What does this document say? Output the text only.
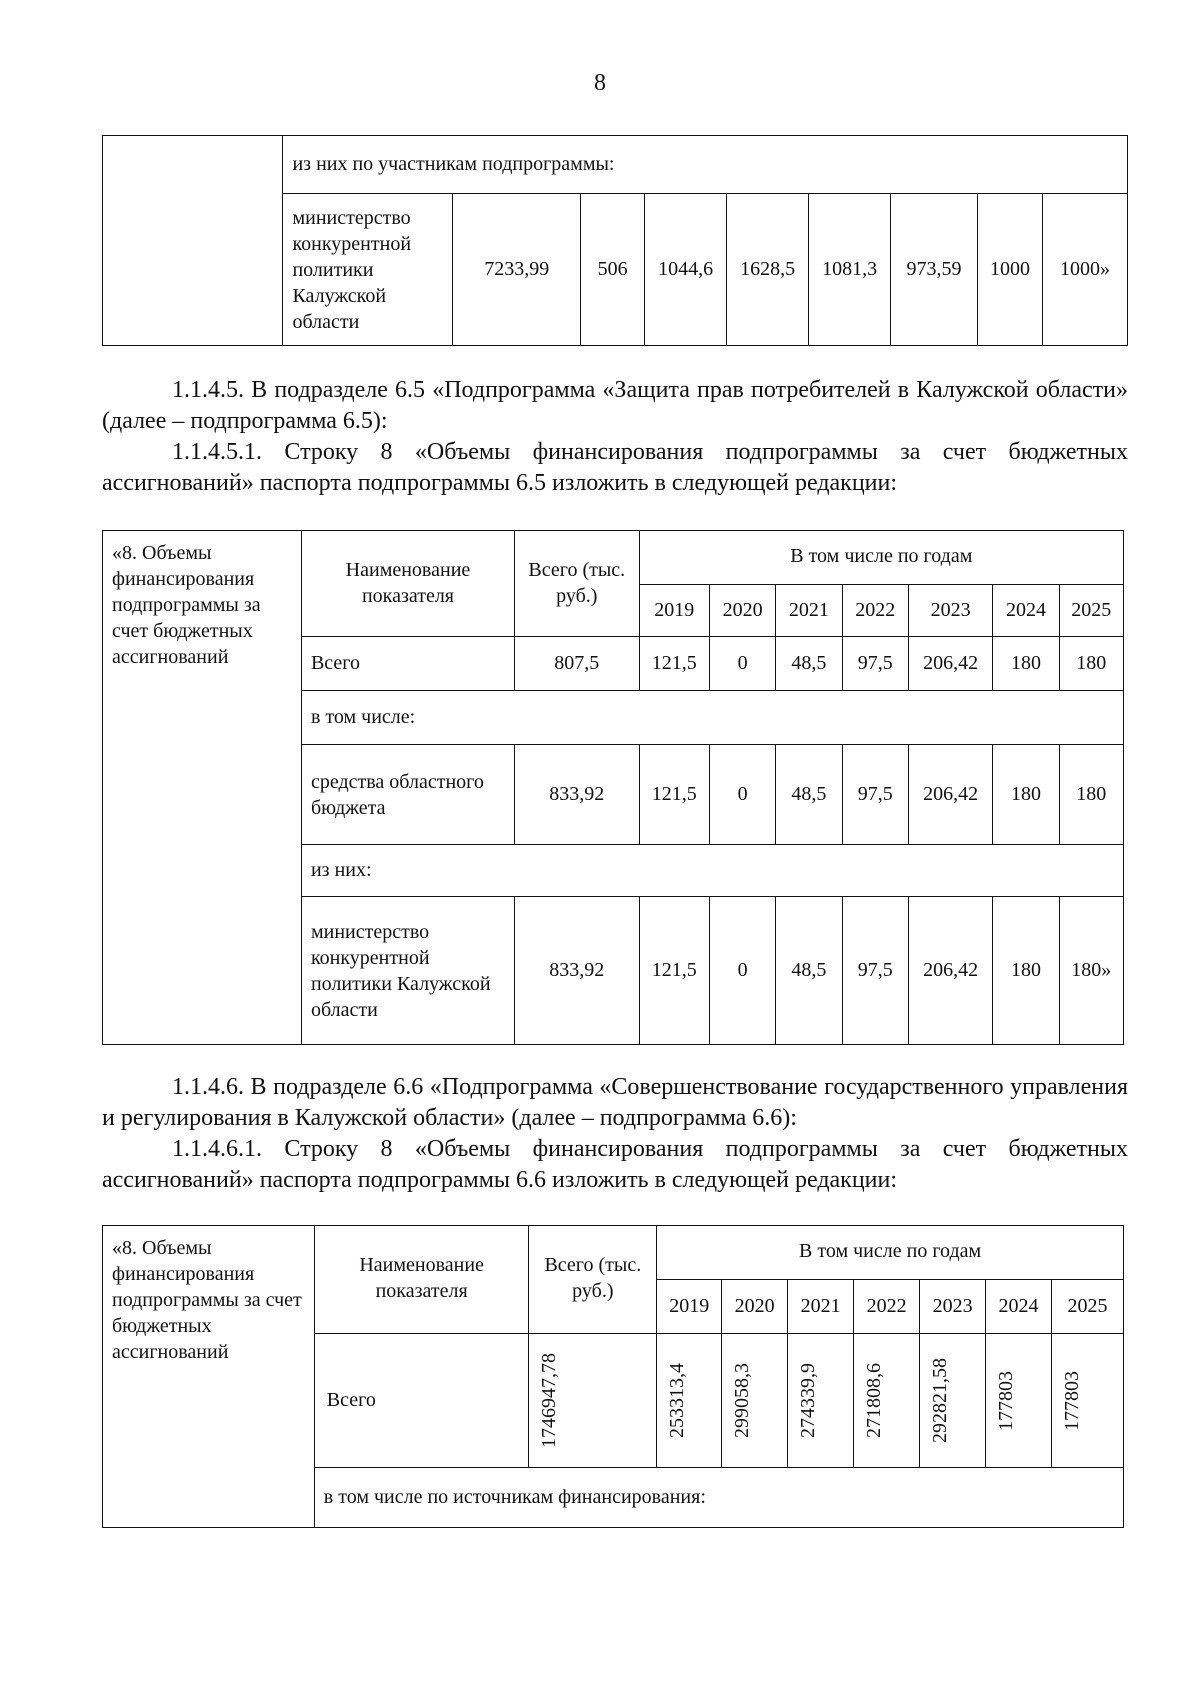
8
	из них по участникам подпрограммы:								
	министерство конкурентной политики Калужской области	7233,99	506	1044,6	1628,5	1081,3	973,59	1000	1000»

1.1.4.5. В подразделе 6.5 «Подпрограмма «Защита прав потребителей в Калужской области» (далее – подпрограмма 6.5):

1.1.4.5.1. Строку 8 «Объемы финансирования подпрограммы за счет бюджетных ассигнований» паспорта подпрограммы 6.5 изложить в следующей редакции:

«8. Объемы финансирования подпрограммы за счет бюджетных ассигнований	Наименование показателя	Всего (тыс. руб.)	В том числе по годам						
			2019	2020	2021	2022	2023	2024	2025
	Всего	807,5	121,5	0	48,5	97,5	206,42	180	180
	в том числе:								
	средства областного бюджета	833,92	121,5	0	48,5	97,5	206,42	180	180
	из них:								
	министерство конкурентной политики Калужской области	833,92	121,5	0	48,5	97,5	206,42	180	180»

1.1.4.6. В подразделе 6.6 «Подпрограмма «Совершенствование государственного управления и регулирования в Калужской области» (далее – подпрограмма 6.6):

1.1.4.6.1. Строку 8 «Объемы финансирования подпрограммы за счет бюджетных ассигнований» паспорта подпрограммы 6.6 изложить в следующей редакции:

«8. Объемы финансирования подпрограммы за счет бюджетных ассигнований	Наименование показателя	Всего (тыс. руб.)	В том числе по годам						
			2019	2020	2021	2022	2023	2024	2025
	Всего	1746947,78	253313,4	299058,3	274339,9	271808,6	292821,58	177803	177803

	в том числе по источникам финансирования:								
